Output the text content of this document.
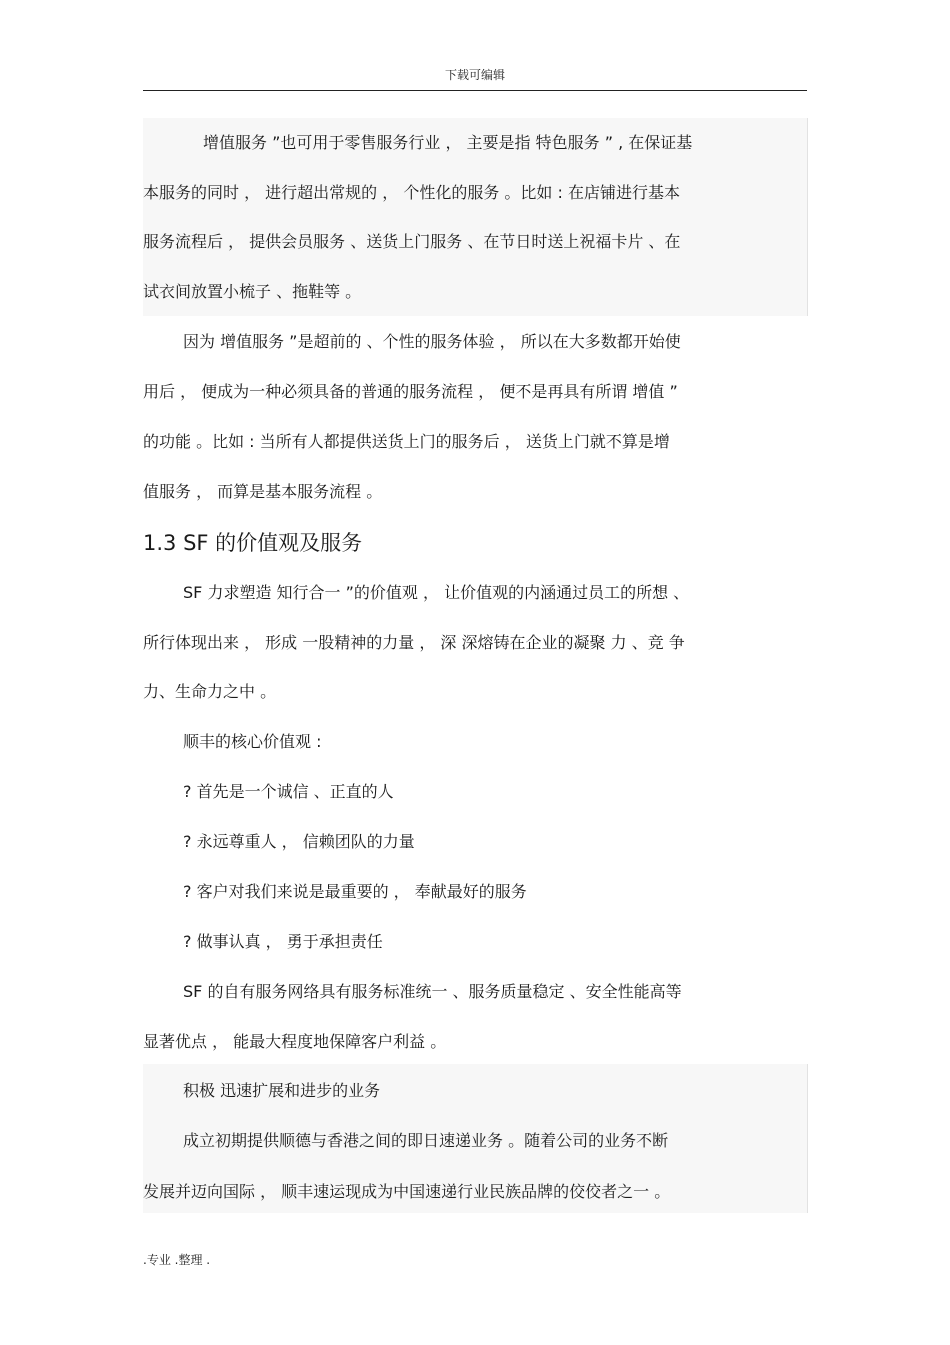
下载可编辑
增值服务 ”也可用于零售服务行业 ， 主要是指 特色服务 ” , 在保证基
本服务的同时 ， 进行超出常规的 ， 个性化的服务 。比如 : 在店铺进行基本
服务流程后 ， 提供会员服务 、送货上门服务 、在节日时送上祝福卡片 、在
试衣间放置小梳子 、拖鞋等 。
因为 增值服务 ”是超前的 、个性的服务体验 ， 所以在大多数都开始使
用后 ， 便成为一种必须具备的普通的服务流程 ， 便不是再具有所谓 增值 ”
的功能 。比如 : 当所有人都提供送货上门的服务后 ， 送货上门就不算是增
值服务 ， 而算是基本服务流程 。
1.3 SF 的价值观及服务
SF 力求塑造 知行合一 ”的价值观 ， 让价值观的内涵通过员工的所想 、
所行体现出来 ， 形成 一股精神的力量 ， 深 深熔铸在企业的凝聚 力 、竞 争
力、生命力之中 。
顺丰的核心价值观 :
? 首先是一个诚信 、正直的人
? 永远尊重人 ， 信赖团队的力量
? 客户对我们来说是最重要的 ， 奉献最好的服务
? 做事认真 ， 勇于承担责任
SF 的自有服务网络具有服务标准统一 、服务质量稳定 、安全性能高等
显著优点 ， 能最大程度地保障客户利益 。
积极 迅速扩展和进步的业务
成立初期提供顺德与香港之间的即日速递业务 。随着公司的业务不断
发展并迈向国际 ， 顺丰速运现成为中国速递行业民族品牌的佼佼者之一 。
.专业 .整理 .
